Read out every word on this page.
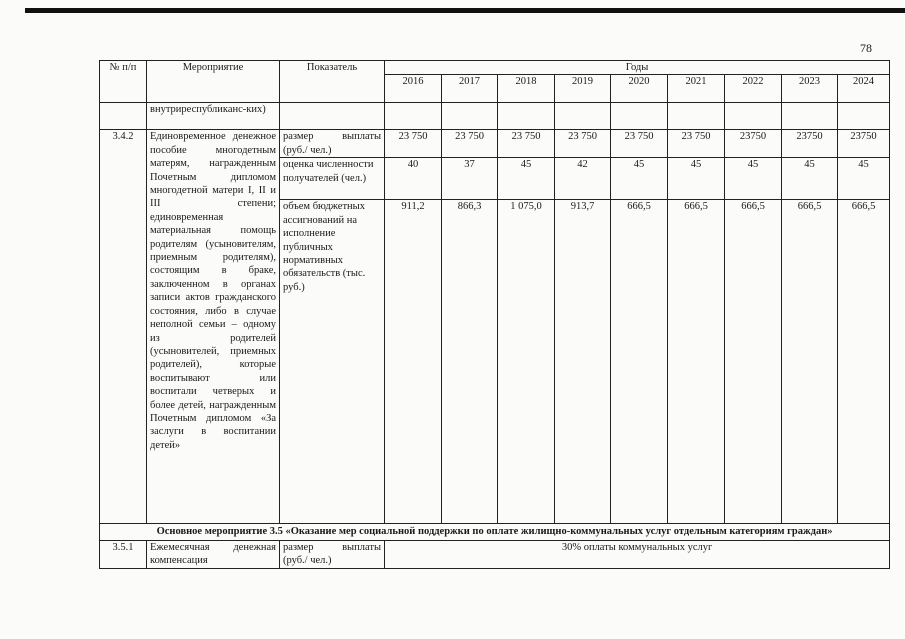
78
№ п/п	Мероприятие	Показатель	Годы								
			2016	2017	2018	2019	2020	2021	2022	2023	2024
	внутриреспубликанс-ких)										
3.4.2	Единовременное денежное пособие многодетным матерям, награжденным Почетным дипломом многодетной матери I, II и III степени; единовременная материальная помощь родителям (усыновителям, приемным родителям), состоящим в браке, заключенном в органах записи актов гражданского состояния, либо в случае неполной семьи – одному из родителей (усыновителей, приемных родителей), которые воспитывают или воспитали четверых и более детей, награжденным Почетным дипломом «За заслуги в воспитании детей»	размер выплаты (руб./ чел.)	23 750	23 750	23 750	23 750	23 750	23 750	23750	23750	23750
		оценка численности получателей (чел.)	40	37	45	42	45	45	45	45	45
		объем бюджетных ассигнований на исполнение публичных нормативных обязательств (тыс. руб.)	911,2	866,3	1 075,0	913,7	666,5	666,5	666,5	666,5	666,5
Основное мероприятие 3.5 «Оказание мер социальной поддержки по оплате жилищно-коммунальных услуг отдельным категориям граждан»											
3.5.1	Ежемесячная денежная компенсация	размер выплаты (руб./ чел.)	30% оплаты коммунальных услуг								
